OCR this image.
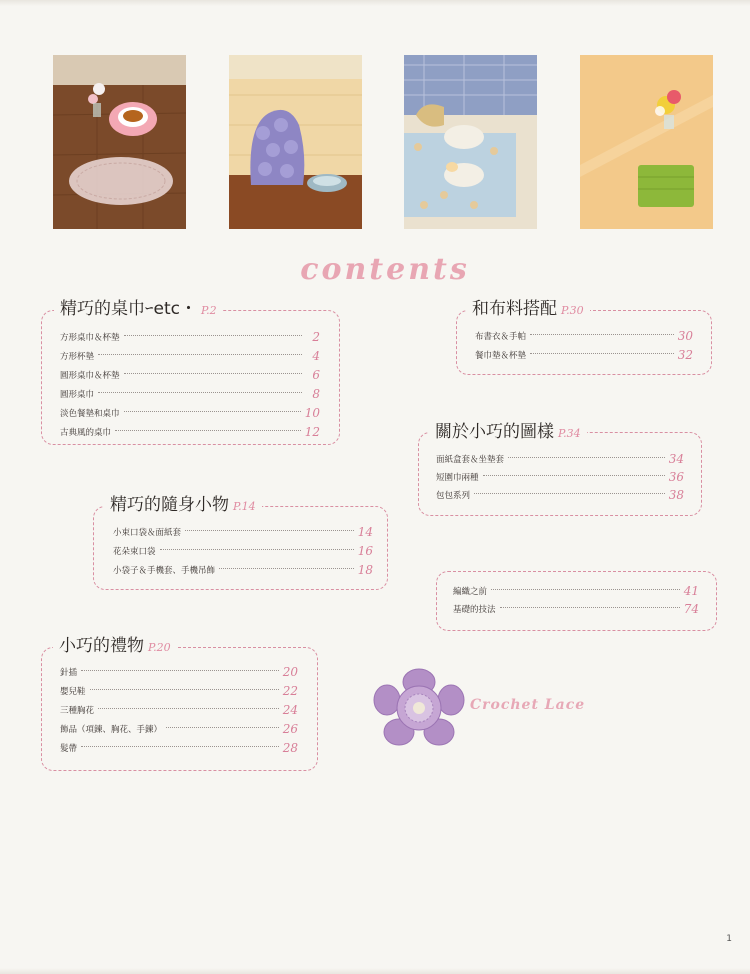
contents
精巧的桌巾ｰetc・ P.2
方形桌巾＆杯墊	2
方形杯墊	4
圓形桌巾＆杯墊	6
圓形桌巾	8
淡色餐墊和桌巾	10
古典風的桌巾	12
和布料搭配 P.30
布書衣＆手帕	30
餐巾墊＆杯墊	32
關於小巧的圖樣 P.34
面紙盒套＆坐墊套	34
短圍巾兩種	36
包包系列	38
精巧的隨身小物 P.14
小束口袋＆面紙套	14
花朵束口袋	16
小袋子＆手機套、手機吊飾	18
編織之前	41
基礎的技法	74
小巧的禮物 P.20
針插	20
嬰兒鞋	22
三種胸花	24
飾品（項鍊、胸花、手鍊）	26
髮帶	28
Crochet Lace
1
